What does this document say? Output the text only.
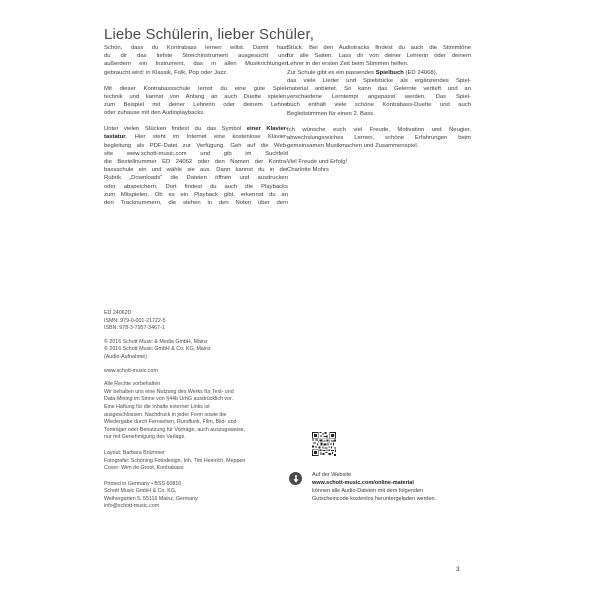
Liebe Schülerin, lieber Schüler,

Schön, dass du Kontrabass lernen willst. Damit hast
du dir das tiefste Streichinstrument ausgesucht und
außerdem ein Instrument, das in allen Musikrichtungen
gebraucht wird: in Klassik, Folk, Pop oder Jazz.

Mit dieser Kontrabassschule lernst du eine gute Spiel-
technik und kannst von Anfang an auch Duette spielen,
zum Beispiel mit deiner Lehrerin oder deinem Lehrer
oder zuhause mit den Audioplaybacks.

Unter vielen Stücken findest du das Symbol einer Klavier-
tastatur. Hier steht im Internet eine kostenlose Klavier-
begleitung als PDF-Datei zur Verfügung. Geh auf die Web-
site www.schott-music.com und gib im Suchfeld
die Bestellnummer ED 24062 oder den Namen der Kontra-
bassschule ein und wähle sie aus. Dann kannst du in der
Rubrik „Downloads“ die Dateien öffnen und ausdrucken
oder abspeichern. Dort findest du auch die Playbacks
zum Mitspielen. Ob es ein Playback gibt, erkennst du an
den Tracknummern, die stehen in den Noten über dem

Stück. Bei den Audiotracks findest du auch die Stimmtöne
für alle Saiten. Lass dir von deiner Lehrerin oder deinem
Lehrer in der ersten Zeit beim Stimmen helfen.
Zur Schule gibt es ein passendes Spielbuch (ED 24068),
das viele Lieder und Spielstücke als ergänzendes Spiel-
material anbietet. So kann das Gelernte vertieft und an
verschiedene Lerntempi angepasst werden. Das Spiel-
buch enthält viele schöne Kontrabass-Duette und auch
Begleitstimmen für einen 2. Bass.

Ich wünsche euch viel Freude, Motivation und Neugier,
abwechslungsreiches Lernen, schöne Erfahrungen beim
gemeinsamen Musikmachen und Zusammenspiel.

Viel Freude und Erfolg!
Charlotte Mohrs

ED 24062D
ISMN: 979-0-001-21722-5
ISBN: 978-3-7957-3467-1
© 2016 Schott Music & Media GmbH, Mainz
© 2016 Schott Music GmbH & Co. KG, Mainz
(Audio-Aufnahme)
www.schott-music.com
Alle Rechte vorbehalten
Wir behalten uns eine Nutzung des Werks für Text- und
Data-Mining im Sinne von §44b UrhG ausdrücklich vor.
Eine Haftung für die Inhalte externer Links ist
ausgeschlossen. Nachdruck in jeder Form sowie die
Wiedergabe durch Fernsehen, Rundfunk, Film, Bild- und
Tonträger oder Benutzung für Vorträge, auch auszugsweise,
nur mit Genehmigung des Verlags.
Layout: Barbara Brümmer
Fotografie: Schöning Fotodesign, Inh. Tim Heinrich, Meppen
Cover: Wim de Groot, Kontrabass
Printed in Germany • BSS 60816
Schott Music GmbH & Co. KG,
Weihergarten 5, 55116 Mainz, Germany
info@schott-music.com
Auf der Website
www.schott-music.com/online-material
können alle Audio-Dateien mit dem folgenden
Gutscheincode kostenlos heruntergeladen werden.
3
